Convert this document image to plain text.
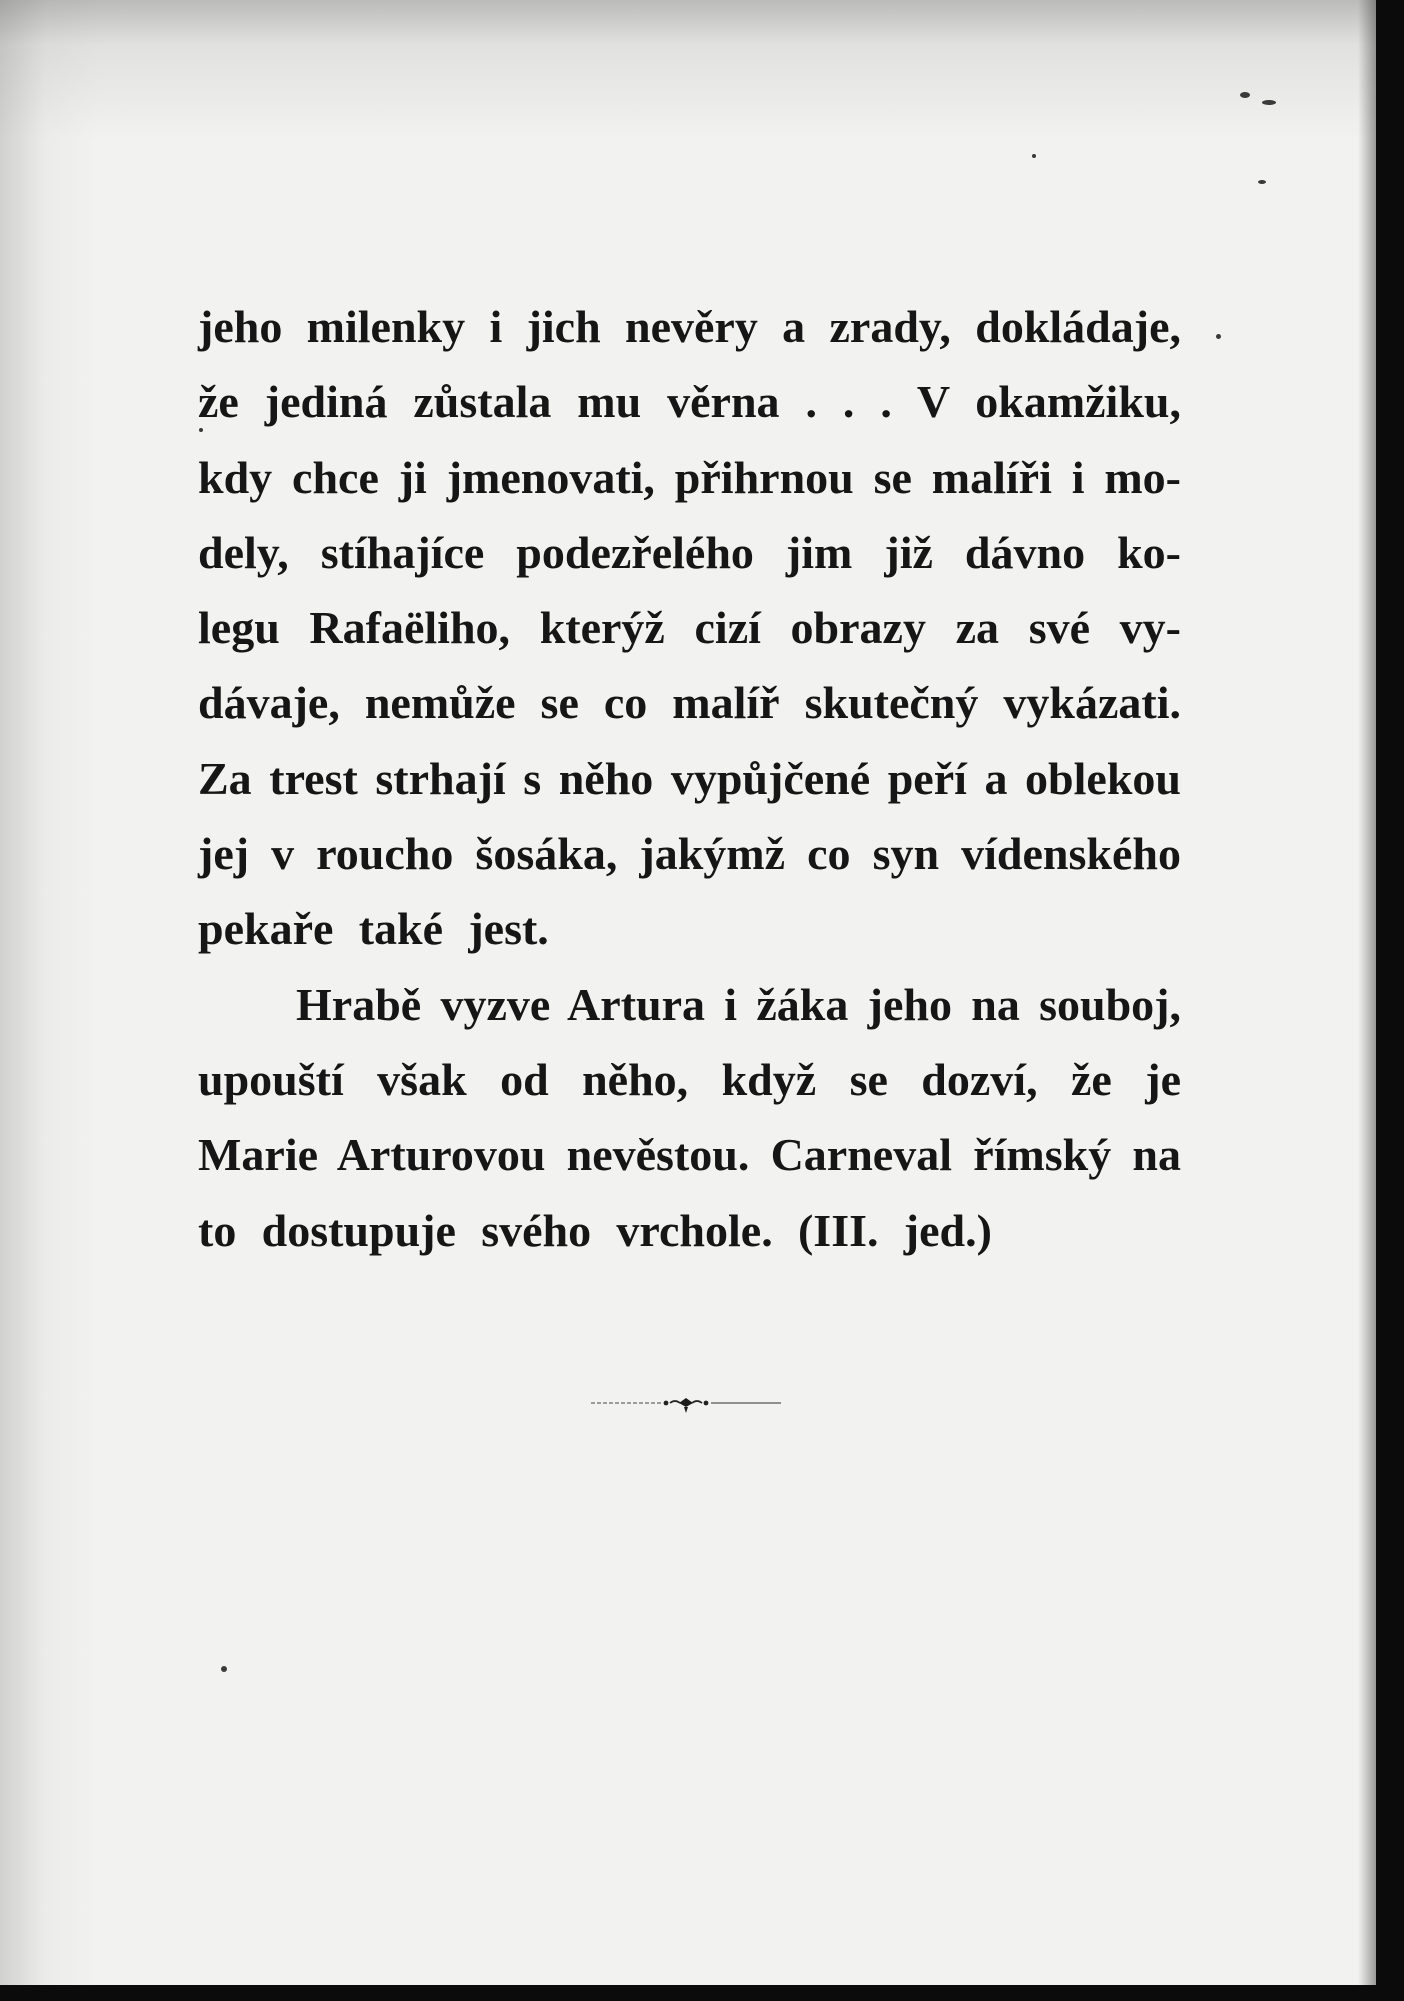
jeho milenky i jich nevěry a zrady, dokládaje,
že jediná zůstala mu věrna . . . V okamžiku,
kdy chce ji jmenovati, přihrnou se malíři i mo-
dely, stíhajíce podezřelého jim již dávno ko-
legu Rafaëliho, kterýž cizí obrazy za své vy-
dávaje, nemůže se co malíř skutečný vykázati.
Za trest strhají s něho vypůjčené peří a oblekou
jej v roucho šosáka, jakýmž co syn vídenského
pekaře také jest.
Hrabě vyzve Artura i žáka jeho na souboj,
upouští však od něho, když se dozví, že je
Marie Arturovou nevěstou. Carneval římský na
to dostupuje svého vrchole. (III. jed.)
